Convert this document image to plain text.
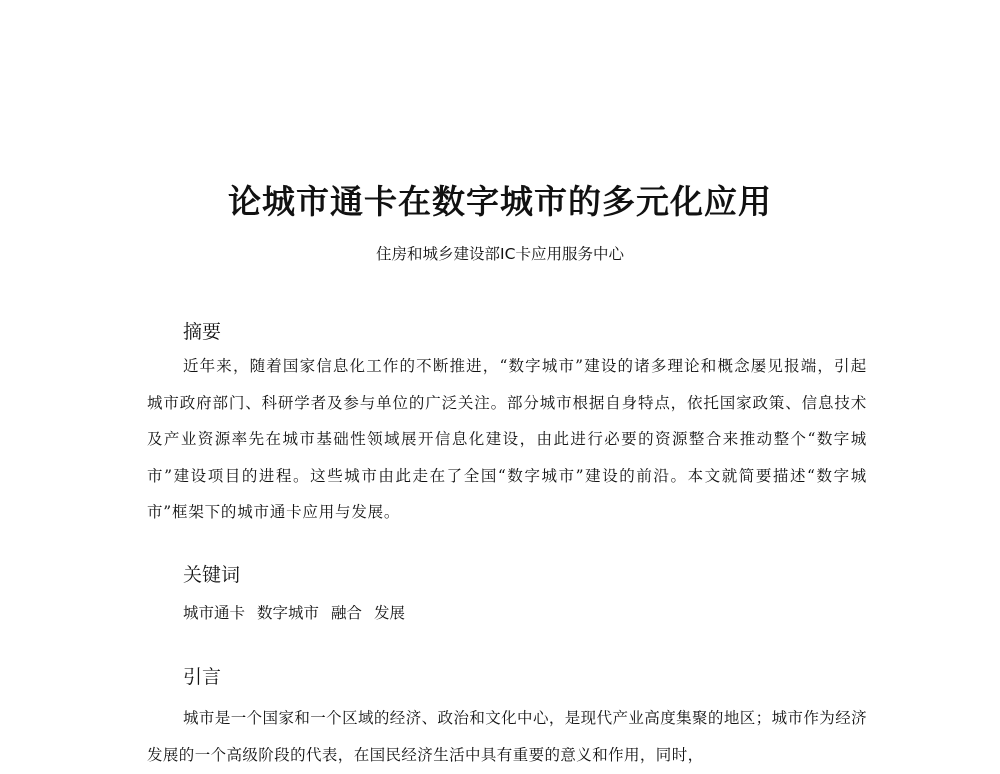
论城市通卡在数字城市的多元化应用
住房和城乡建设部IC卡应用服务中心
摘要

近年来，随着国家信息化工作的不断推进，“数字城市”建设的诸多理论和概念屡见报端，引起城市政府部门、科研学者及参与单位的广泛关注。部分城市根据自身特点，依托国家政策、信息技术及产业资源率先在城市基础性领域展开信息化建设，由此进行必要的资源整合来推动整个“数字城市”建设项目的进程。这些城市由此走在了全国“数字城市”建设的前沿。本文就简要描述“数字城市”框架下的城市通卡应用与发展。

关键词
城市通卡 数字城市 融合 发展
引言

城市是一个国家和一个区域的经济、政治和文化中心，是现代产业高度集聚的地区；城市作为经济发展的一个高级阶段的代表，在国民经济生活中具有重要的意义和作用，同时，
